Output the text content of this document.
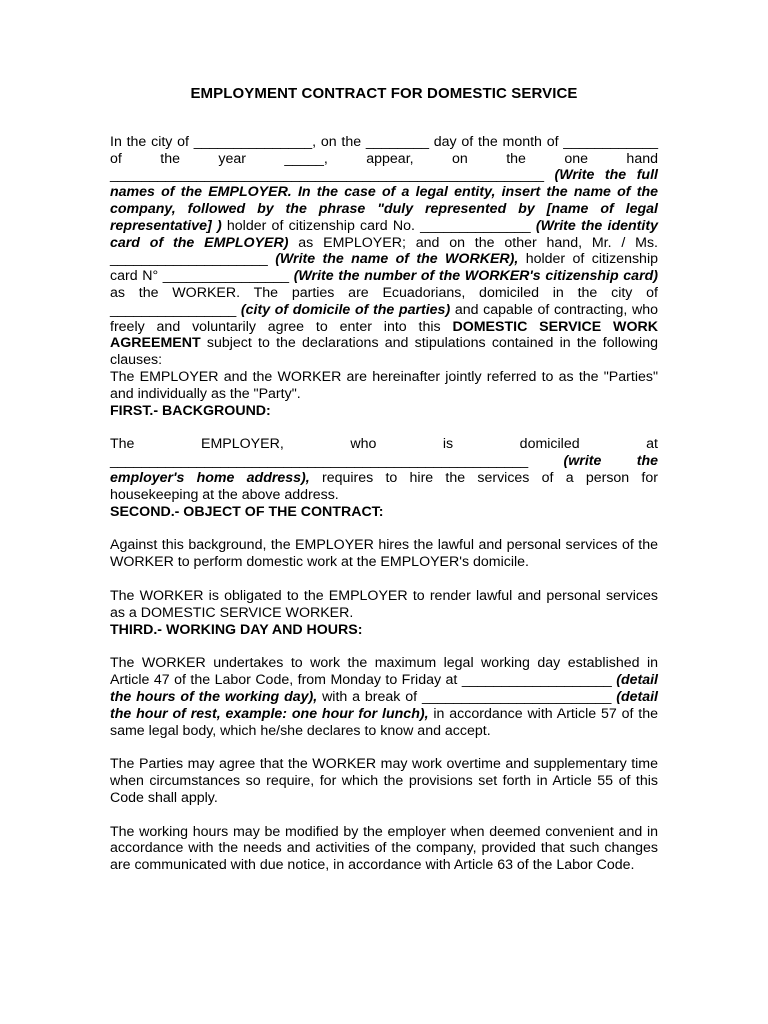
EMPLOYMENT CONTRACT FOR DOMESTIC SERVICE

In the city of _______________, on the ________ day of the month of ____________ of the year _____, appear, on the one hand _______________________________________________________ (Write the full names of the EMPLOYER. In the case of a legal entity, insert the name of the company, followed by the phrase "duly represented by [name of legal representative] ) holder of citizenship card No. ______________ (Write the identity card of the EMPLOYER) as EMPLOYER; and on the other hand, Mr. / Ms. ____________________ (Write the name of the WORKER), holder of citizenship card N° ________________ (Write the number of the WORKER's citizenship card) as the WORKER. The parties are Ecuadorians, domiciled in the city of ________________ (city of domicile of the parties) and capable of contracting, who freely and voluntarily agree to enter into this DOMESTIC SERVICE WORK AGREEMENT subject to the declarations and stipulations contained in the following clauses:

The EMPLOYER and the WORKER are hereinafter jointly referred to as the "Parties" and individually as the "Party".

FIRST.- BACKGROUND:

The EMPLOYER, who is domiciled at _____________________________________________________ (write the employer's home address), requires to hire the services of a person for housekeeping at the above address.

SECOND.- OBJECT OF THE CONTRACT:

Against this background, the EMPLOYER hires the lawful and personal services of the WORKER to perform domestic work at the EMPLOYER's domicile.

The WORKER is obligated to the EMPLOYER to render lawful and personal services as a DOMESTIC SERVICE WORKER.

THIRD.- WORKING DAY AND HOURS:

The WORKER undertakes to work the maximum legal working day established in Article 47 of the Labor Code, from Monday to Friday at ___________________ (detail the hours of the working day), with a break of ________________________ (detail the hour of rest, example: one hour for lunch), in accordance with Article 57 of the same legal body, which he/she declares to know and accept.

The Parties may agree that the WORKER may work overtime and supplementary time when circumstances so require, for which the provisions set forth in Article 55 of this Code shall apply.

The working hours may be modified by the employer when deemed convenient and in accordance with the needs and activities of the company, provided that such changes are communicated with due notice, in accordance with Article 63 of the Labor Code.
